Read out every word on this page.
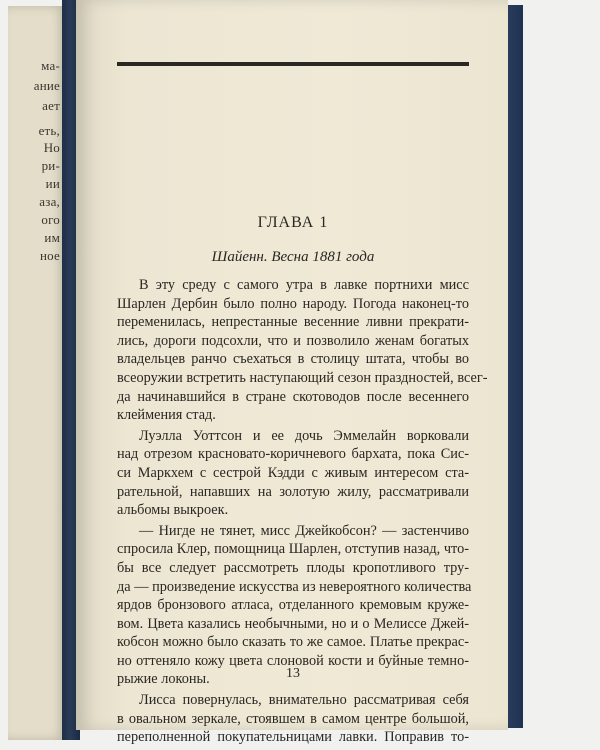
ма-
ание
ает
еть,
Но
ри-
ии
аза,
ого
им
ное
ГЛАВА 1
Шайенн. Весна 1881 года
В эту среду с самого утра в лавке портнихи мисс
Шарлен Дербин было полно народу. Погода наконец-то
переменилась, непрестанные весенние ливни прекрати-
лись, дороги подсохли, что и позволило женам богатых
владельцев ранчо съехаться в столицу штата, чтобы во
всеоружии встретить наступающий сезон праздностей, всег-
да начинавшийся в стране скотоводов после весеннего
клеймения стад.
Луэлла Уоттсон и ее дочь Эммелайн ворковали
над отрезом красновато-коричневого бархата, пока Сис-
си Маркхем с сестрой Кэдди с живым интересом ста-
рательной, напавших на золотую жилу, рассматривали
альбомы выкроек.
— Нигде не тянет, мисс Джейкобсон? — застенчиво
спросила Клер, помощница Шарлен, отступив назад, что-
бы все следует рассмотреть плоды кропотливого тру-
да — произведение искусства из невероятного количества
ярдов бронзового атласа, отделанного кремовым круже-
вом. Цвета казались необычными, но и о Мелиссе Джей-
кобсон можно было сказать то же самое. Платье прекрас-
но оттеняло кожу цвета слоновой кости и буйные темно-
рыжие локоны.
Лисса повернулась, внимательно рассматривая себя
в овальном зеркале, стоявшем в самом центре большой,
переполненной покупательницами лавки. Поправив то-
13
